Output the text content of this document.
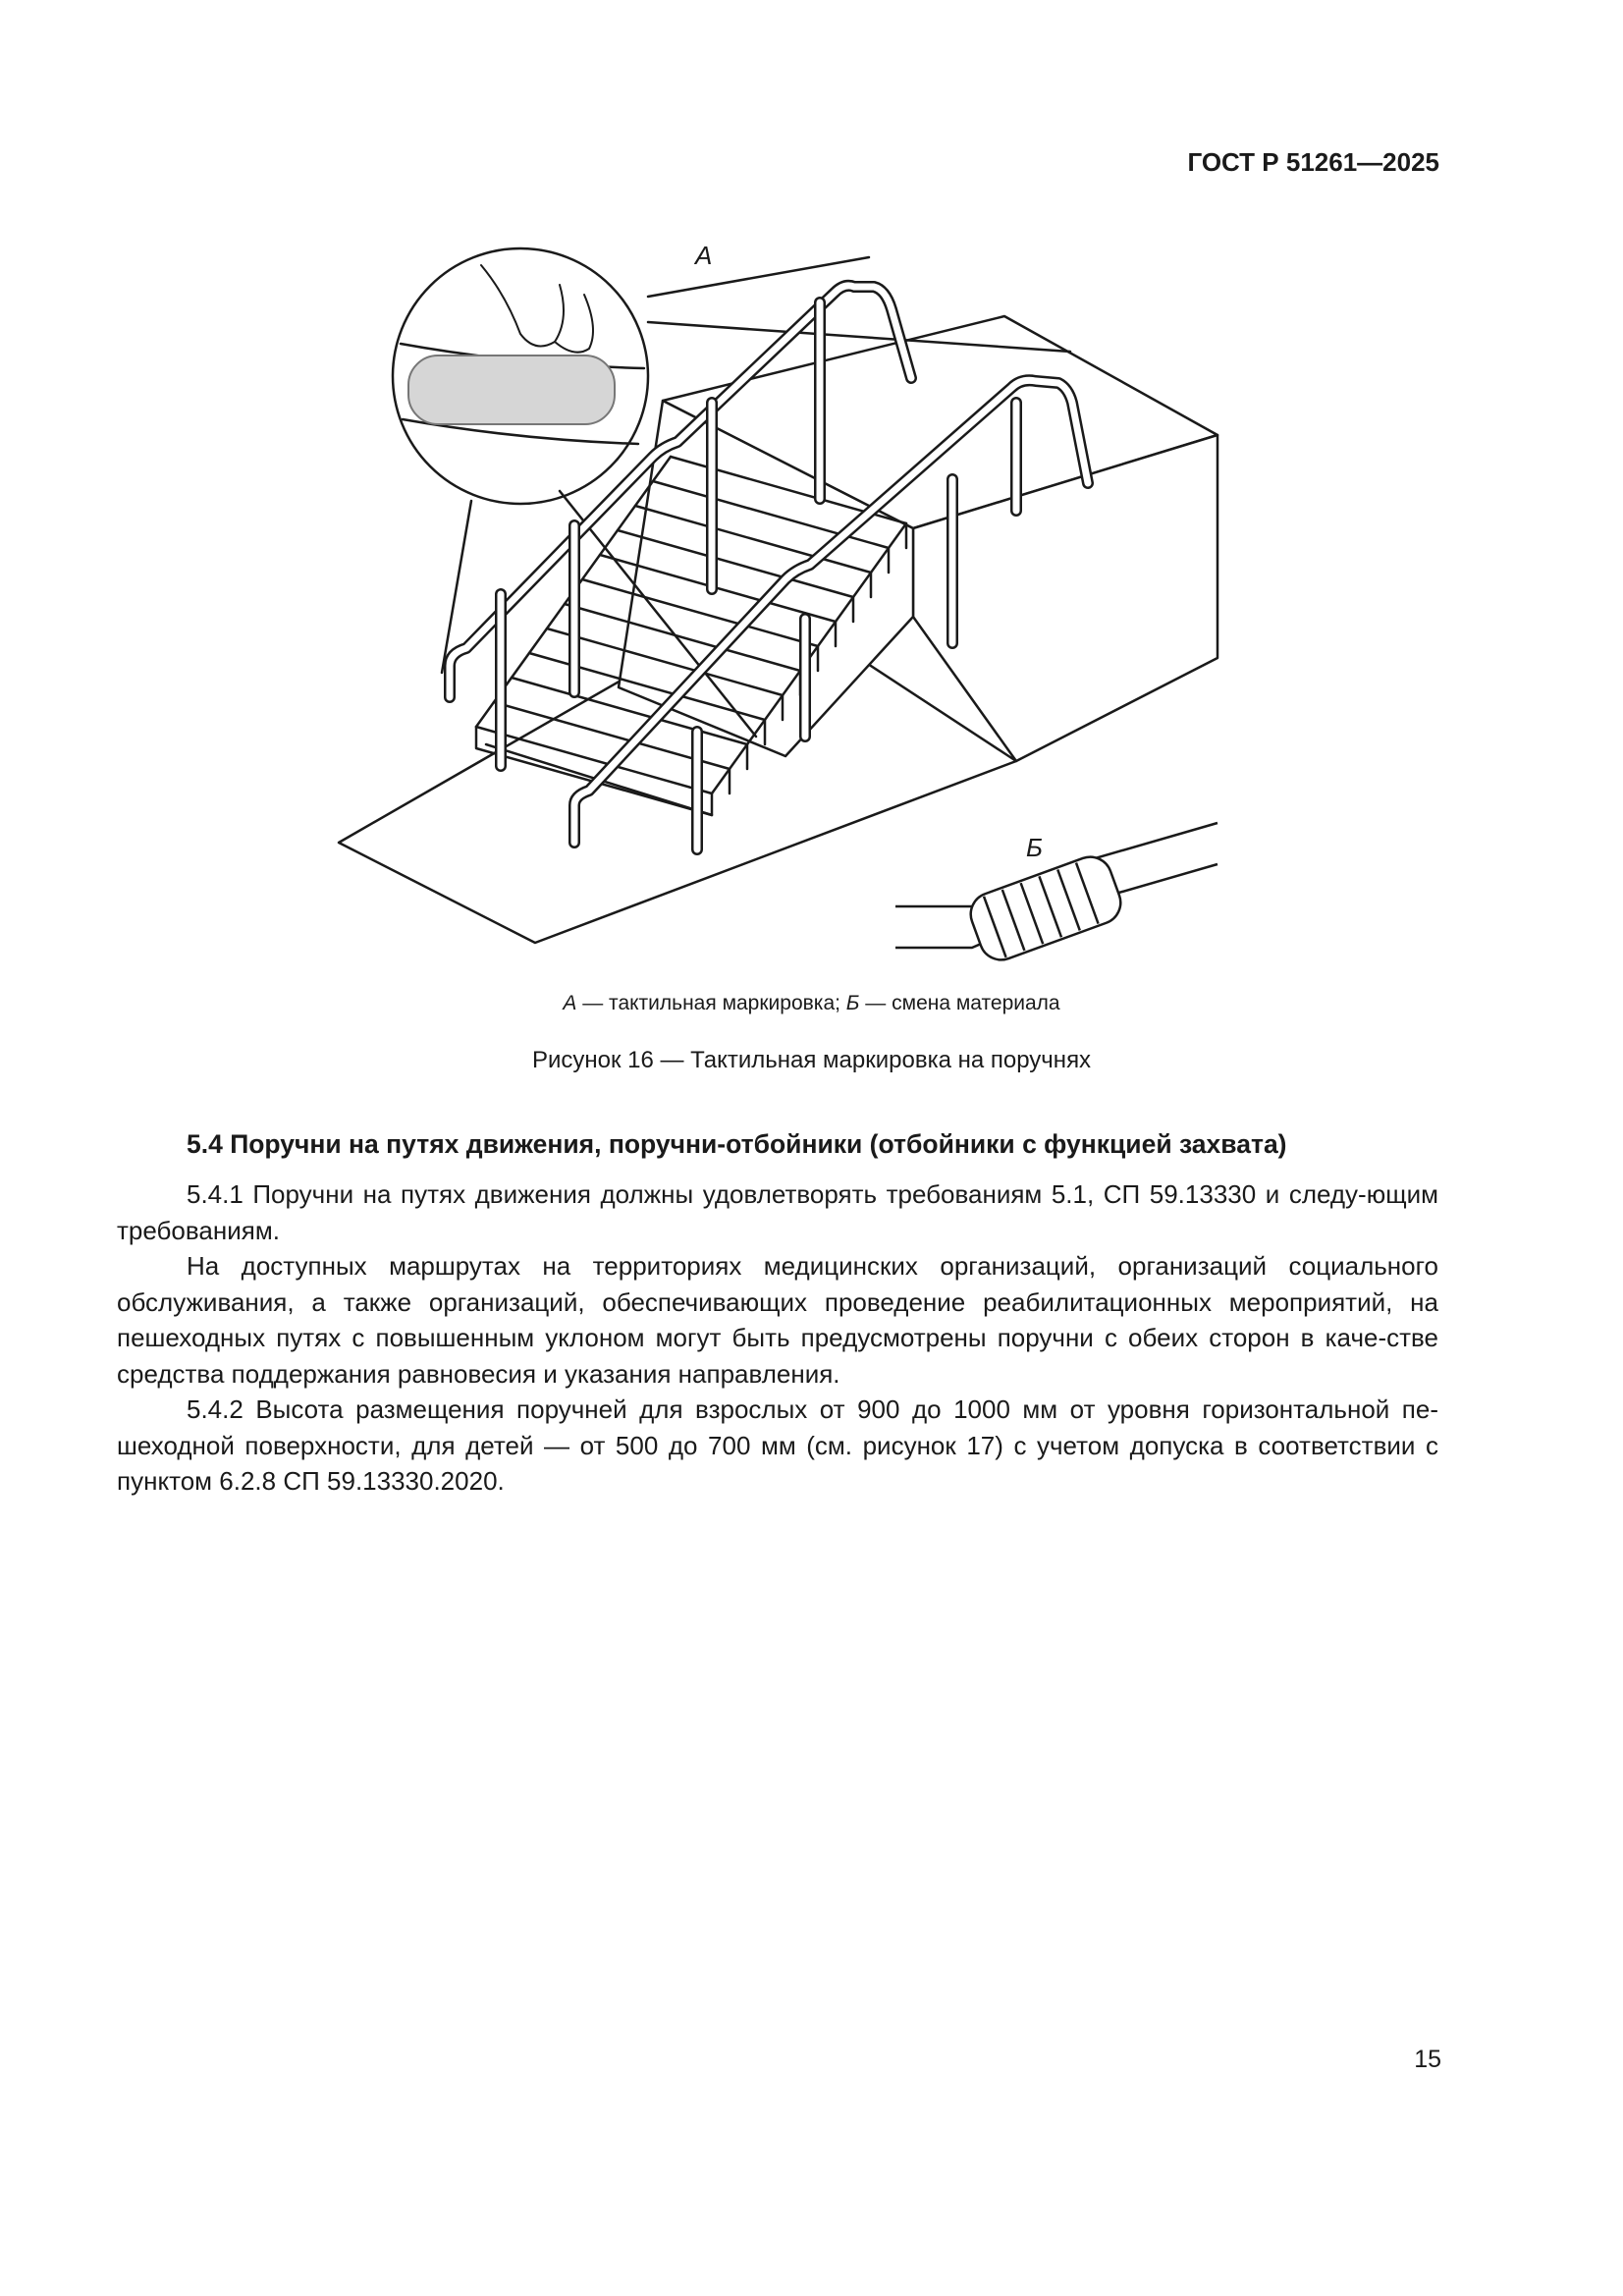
ГОСТ Р 51261—2025
А
Б
А — тактильная маркировка; Б — смена материала
Рисунок 16 — Тактильная маркировка на поручнях
5.4 Поручни на путях движения, поручни-отбойники (отбойники с функцией захвата)

5.4.1 Поручни на путях движения должны удовлетворять требованиям 5.1, СП 59.13330 и следу-ющим требованиям.

На доступных маршрутах на территориях медицинских организаций, организаций социального обслуживания, а также организаций, обеспечивающих проведение реабилитационных мероприятий, на пешеходных путях с повышенным уклоном могут быть предусмотрены поручни с обеих сторон в каче-стве средства поддержания равновесия и указания направления.

5.4.2 Высота размещения поручней для взрослых от 900 до 1000 мм от уровня горизонтальной пе-шеходной поверхности, для детей — от 500 до 700 мм (см. рисунок 17) с учетом допуска в соответствии с пунктом 6.2.8 СП 59.13330.2020.

15
